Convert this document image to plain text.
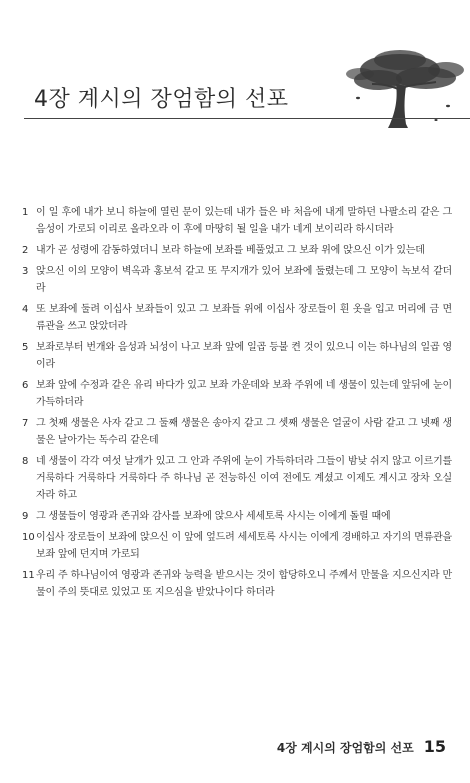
4장 계시의 장엄함의 선포
1 이 일 후에 내가 보니 하늘에 열린 문이 있는데 내가 들은 바 처음에 내게 말하던 나팔소리 같은 그 음성이 가로되 이리로 올라오라 이 후에 마땅히 될 일을 내가 네게 보이리라 하시더라
2 내가 곧 성령에 감동하였더니 보라 하늘에 보좌를 베풀었고 그 보좌 위에 앉으신 이가 있는데
3 앉으신 이의 모양이 벽옥과 홍보석 같고 또 무지개가 있어 보좌에 둘렸는데 그 모양이 녹보석 같더라
4 또 보좌에 둘려 이십사 보좌들이 있고 그 보좌들 위에 이십사 장로들이 흰 옷을 입고 머리에 금 면류관을 쓰고 앉았더라
5 보좌로부터 번개와 음성과 뇌성이 나고 보좌 앞에 일곱 등불 켠 것이 있으니 이는 하나님의 일곱 영이라
6 보좌 앞에 수정과 같은 유리 바다가 있고 보좌 가운데와 보좌 주위에 네 생물이 있는데 앞뒤에 눈이 가득하더라
7 그 첫째 생물은 사자 같고 그 둘째 생물은 송아지 같고 그 셋째 생물은 얼굴이 사람 같고 그 넷째 생물은 날아가는 독수리 같은데
8 네 생물이 각각 여섯 날개가 있고 그 안과 주위에 눈이 가득하더라 그들이 밤낮 쉬지 않고 이르기를 거룩하다 거룩하다 거룩하다 주 하나님 곧 전능하신 이여 전에도 계셨고 이제도 계시고 장차 오실 자라 하고
9 그 생물들이 영광과 존귀와 감사를 보좌에 앉으사 세세토록 사시는 이에게 돌릴 때에
10 이십사 장로들이 보좌에 앉으신 이 앞에 엎드려 세세토록 사시는 이에게 경배하고 자기의 면류관을 보좌 앞에 던지며 가로되
11 우리 주 하나님이여 영광과 존귀와 능력을 받으시는 것이 합당하오니 주께서 만물을 지으신지라 만물이 주의 뜻대로 있었고 또 지으심을 받았나이다 하더라
4장 계시의 장엄함의 선포 15
